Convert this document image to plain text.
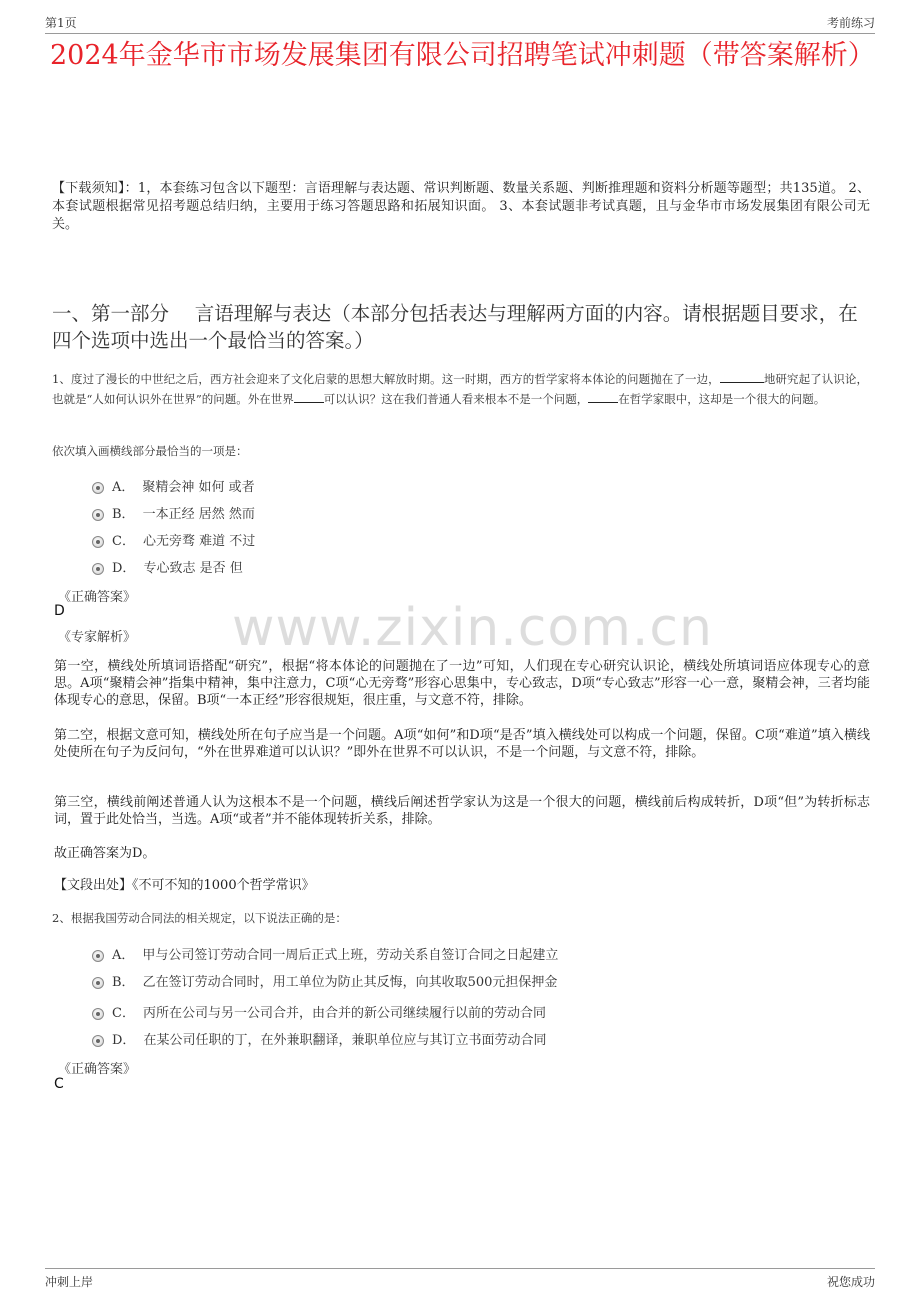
第1页	考前练习
2024年金华市市场发展集团有限公司招聘笔试冲刺题（带答案解析）
【下载须知】：1，本套练习包含以下题型：言语理解与表达题、常识判断题、数量关系题、判断推理题和资料分析题等题型；共135道。 2、本套试题根据常见招考题总结归纳，主要用于练习答题思路和拓展知识面。 3、本套试题非考试真题，且与金华市市场发展集团有限公司无关。
一、第一部分　 言语理解与表达（本部分包括表达与理解两方面的内容。请根据题目要求，在四个选项中选出一个最恰当的答案。）
1、度过了漫长的中世纪之后，西方社会迎来了文化启蒙的思想大解放时期。这一时期，西方的哲学家将本体论的问题抛在了一边，	地研究起了认识论，也就是“人如何认识外在世界”的问题。外在世界	可以认识？这在我们普通人看来根本不是一个问题，	在哲学家眼中，这却是一个很大的问题。
依次填入画横线部分最恰当的一项是：
A． 聚精会神 如何 或者
B． 一本正经 居然 然而
C． 心无旁骛 难道 不过
D． 专心致志 是否 但
《正确答案》
D
《专家解析》 www.zixin.com.cn
第一空，横线处所填词语搭配“研究”，根据“将本体论的问题抛在了一边”可知，人们现在专心研究认识论，横线处所填词语应体现专心的意思。A项“聚精会神”指集中精神，集中注意力，C项“心无旁骛”形容心思集中，专心致志，D项“专心致志”形容一心一意，聚精会神，三者均能体现专心的意思，保留。B项“一本正经”形容很规矩，很庄重，与文意不符，排除。
第二空，根据文意可知，横线处所在句子应当是一个问题。A项“如何”和D项“是否”填入横线处可以构成一个问题，保留。C项“难道”填入横线处使所在句子为反问句，“外在世界难道可以认识？”即外在世界不可以认识，不是一个问题，与文意不符，排除。
第三空，横线前阐述普通人认为这根本不是一个问题，横线后阐述哲学家认为这是一个很大的问题，横线前后构成转折，D项“但”为转折标志词，置于此处恰当，当选。A项“或者”并不能体现转折关系，排除。
故正确答案为D。
【文段出处】《不可不知的1000个哲学常识》
2、根据我国劳动合同法的相关规定，以下说法正确的是：
A． 甲与公司签订劳动合同一周后正式上班，劳动关系自签订合同之日起建立
B． 乙在签订劳动合同时，用工单位为防止其反悔，向其收取500元担保押金
C． 丙所在公司与另一公司合并，由合并的新公司继续履行以前的劳动合同
D． 在某公司任职的丁，在外兼职翻译，兼职单位应与其订立书面劳动合同
《正确答案》
C
冲刺上岸	祝您成功
